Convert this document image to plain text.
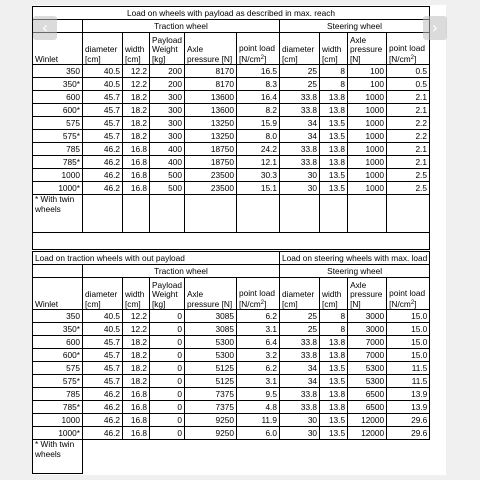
Load on wheels with payload as described in max. reach									
	Traction wheel					Steering wheel			
Winlet	diameter [cm]	width [cm]	Payload Weight [kg]	Axle pressure [N]	point load $[N/cm^2]$	diameter [cm]	width [cm]	Axle pressure [N]	point load $[N/cm^2]$
350	40.5	12.2	200	8170	16.5	25	8	100	0.5
350*	40.5	12.2	200	8170	8.3	25	8	100	0.5
600	45.7	18.2	300	13600	16.4	33.8	13.8	1000	2.1
600*	45.7	18.2	300	13600	8.2	33.8	13.8	1000	2.1
575	45.7	18.2	300	13250	15.9	34	13.5	1000	2.2
575*	45.7	18.2	300	13250	8.0	34	13.5	1000	2.2
785	46.2	16.8	400	18750	24.2	33.8	13.8	1000	2.1
785*	46.2	16.8	400	18750	12.1	33.8	13.8	1000	2.1
1000	46.2	16.8	500	23500	30.3	30	13.5	1000	2.5
1000*	46.2	16.8	500	23500	15.1	30	13.5	1000	2.5
* With twin wheels									

Load on traction wheels with out payload						Load on steering wheels with max. load			
	Traction wheel					Steering wheel			
Winlet	diameter [cm]	width [cm]	Payload Weight [kg]	Axle pressure [N]	point load $[N/cm^2]$	diameter [cm]	width [cm]	Axle pressure [N]	point load $[N/cm^2]$
350	40.5	12.2	0	3085	6.2	25	8	3000	15.0
350*	40.5	12.2	0	3085	3.1	25	8	3000	15.0
600	45.7	18.2	0	5300	6.4	33.8	13.8	7000	15.0
600*	45.7	18.2	0	5300	3.2	33.8	13.8	7000	15.0
575	45.7	18.2	0	5125	6.2	34	13.5	5300	11.5
575*	45.7	18.2	0	5125	3.1	34	13.5	5300	11.5
785	46.2	16.8	0	7375	9.5	33.8	13.8	6500	13.9
785*	46.2	16.8	0	7375	4.8	33.8	13.8	6500	13.9
1000	46.2	16.8	0	9250	11.9	30	13.5	12000	29.6
1000*	46.2	16.8	0	9250	6.0	30	13.5	12000	29.6
* With twin wheels									
‹	›
